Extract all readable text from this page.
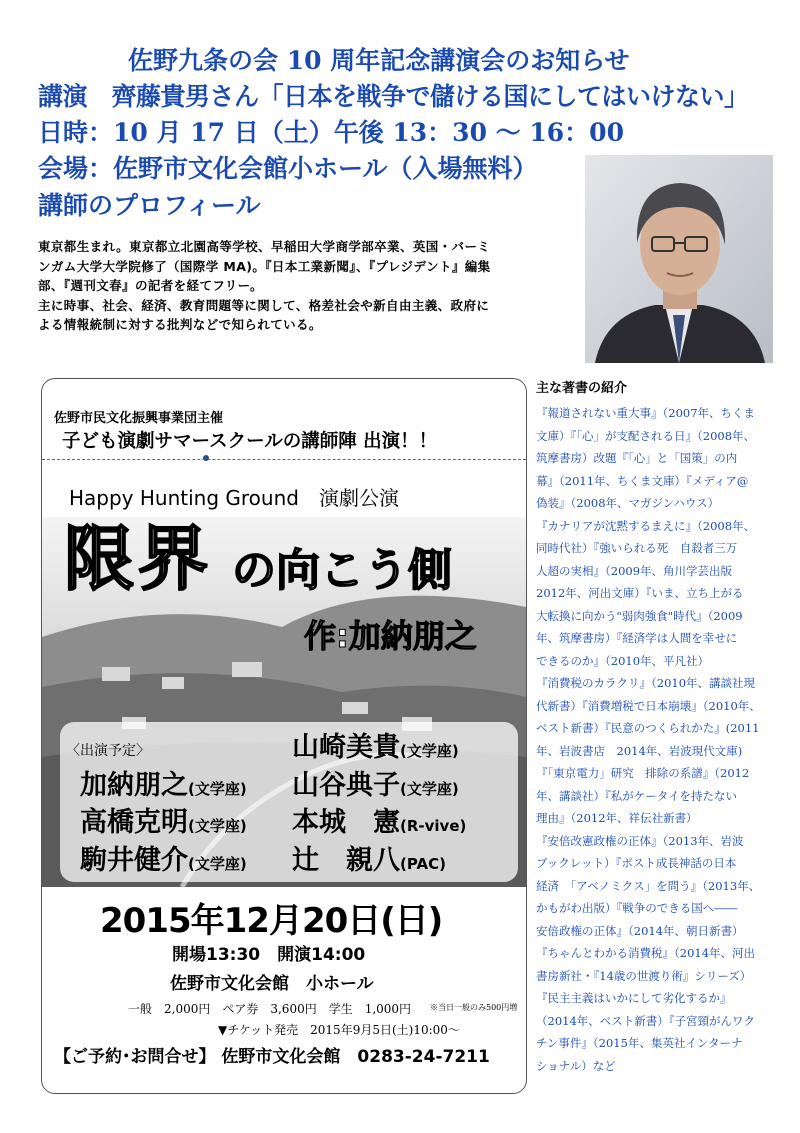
佐野九条の会 10 周年記念講演会のお知らせ
講演　齊藤貴男さん「日本を戦争で儲ける国にしてはいけない」
日時：10 月 17 日（土）午後 13：30 ～ 16：00
会場：佐野市文化会館小ホール（入場無料）
講師のプロフィール
東京都生まれ。東京都立北園高等学校、早稲田大学商学部卒業、英国・バーミ
ンガム大学大学院修了（国際学 MA)。『日本工業新聞』、『プレジデント』編集
部、『週刊文春』の記者を経てフリー。
主に時事、社会、経済、教育問題等に関して、格差社会や新自由主義、政府に
よる情報統制に対する批判などで知られている。
主な著書の紹介
『報道されない重大事』（2007年、ちくま
文庫）『「心」が支配される日』（2008年、
筑摩書房）改題『「心」と「国策」の内
幕』（2011年、ちくま文庫）『メディア@
偽装』（2008年、マガジンハウス）
『カナリアが沈黙するまえに』（2008年、
同時代社）『強いられる死　自殺者三万
人超の実相』（2009年、角川学芸出版
2012年、河出文庫）『いま、立ち上がる
大転換に向かう"弱肉強食"時代』（2009
年、筑摩書房）『経済学は人間を幸せに
できるのか』（2010年、平凡社）
『消費税のカラクリ』（2010年、講談社現
代新書）『消費増税で日本崩壊』（2010年、
ベスト新書）『民意のつくられかた』(2011
年、岩波書店　2014年、岩波現代文庫)
『「東京電力」研究　排除の系譜』（2012
年、講談社）『私がケータイを持たない
理由』（2012年、祥伝社新書）
『安倍改憲政権の正体』（2013年、岩波
ブックレット）『ポスト成長神話の日本
経済　「アベノミクス」を問う』（2013年、
かもがわ出版）『戦争のできる国へ――
安倍政権の正体』（2014年、朝日新書）
『ちゃんとわかる消費税』（2014年、河出
書房新社・『14歳の世渡り術』シリーズ）
『民主主義はいかにして劣化するか』
（2014年、ベスト新書）『子宮頸がんワク
チン事件』（2015年、集英社インターナ
ショナル）など
佐野市民文化振興事業団主催
子ども演劇サマースクールの講師陣 出演！！
Happy Hunting Ground　演劇公演
限界 の向こう側
作:加納朋之
2015年12月20日(日)
開場13:30　開演14:00
佐野市文化会館　小ホール
一般　2,000円　ペア券　3,600円　学生　1,000円 ※当日一般のみ500円増
▼チケット発売　2015年9月5日(土)10:00～
【ご予約･お問合せ】 佐野市文化会館　0283-24-7211
〈出演予定〉	山崎美貴(文学座)
加納朋之(文学座) 山谷典子(文学座)
高橋克明(文学座) 本城　憲(R-vive)
駒井健介(文学座) 辻　親八(PAC)
